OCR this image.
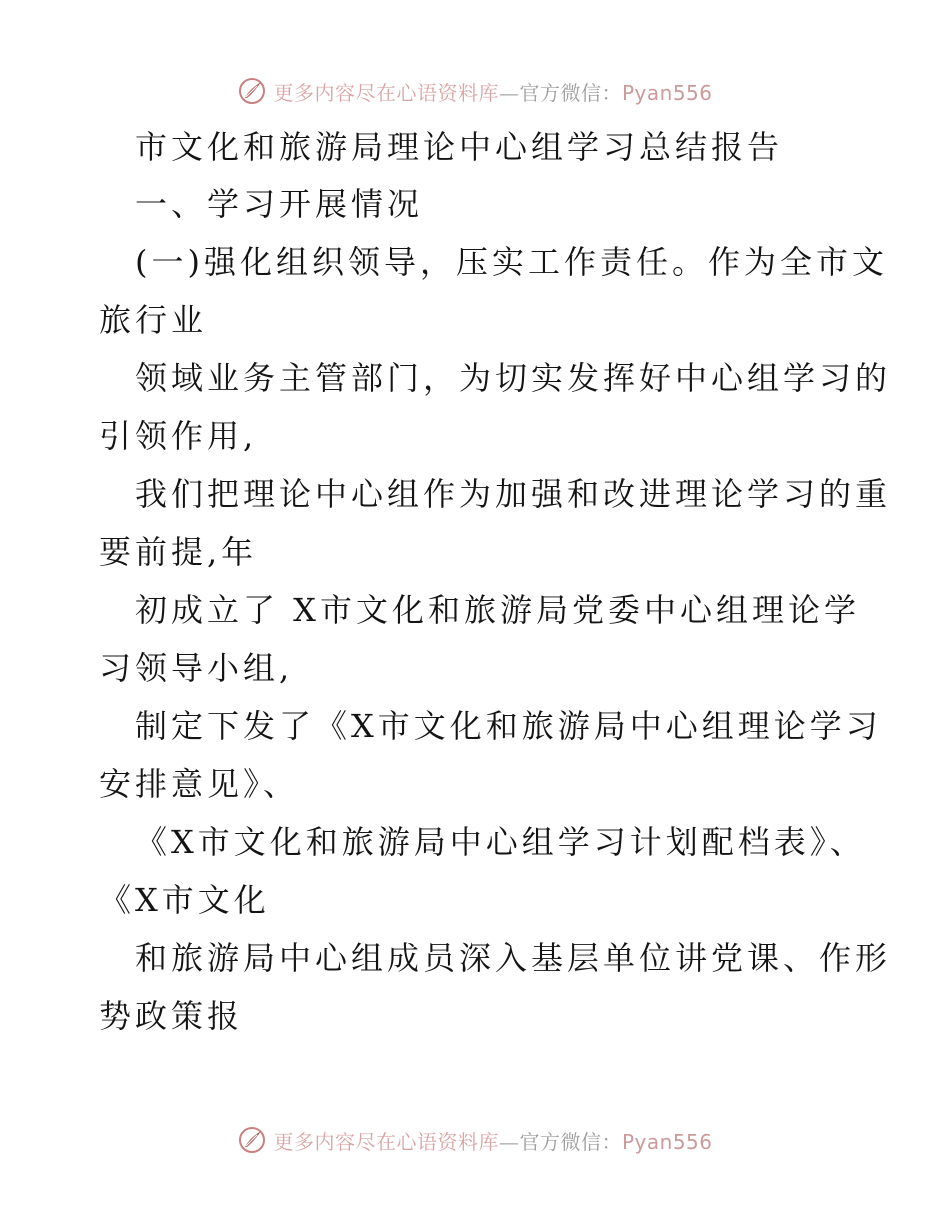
更多内容尽在心语资料库—官方微信：Pyan556
市文化和旅游局理论中心组学习总结报告
一、学习开展情况
(一)强化组织领导，压实工作责任。作为全市文
旅行业
领域业务主管部门，为切实发挥好中心组学习的
引领作用,
我们把理论中心组作为加强和改进理论学习的重
要前提,年
初成立了 X市文化和旅游局党委中心组理论学
习领导小组,
制定下发了《X市文化和旅游局中心组理论学习
安排意见》、
《X市文化和旅游局中心组学习计划配档表》、
《X市文化
和旅游局中心组成员深入基层单位讲党课、作形
势政策报
更多内容尽在心语资料库—官方微信：Pyan556
